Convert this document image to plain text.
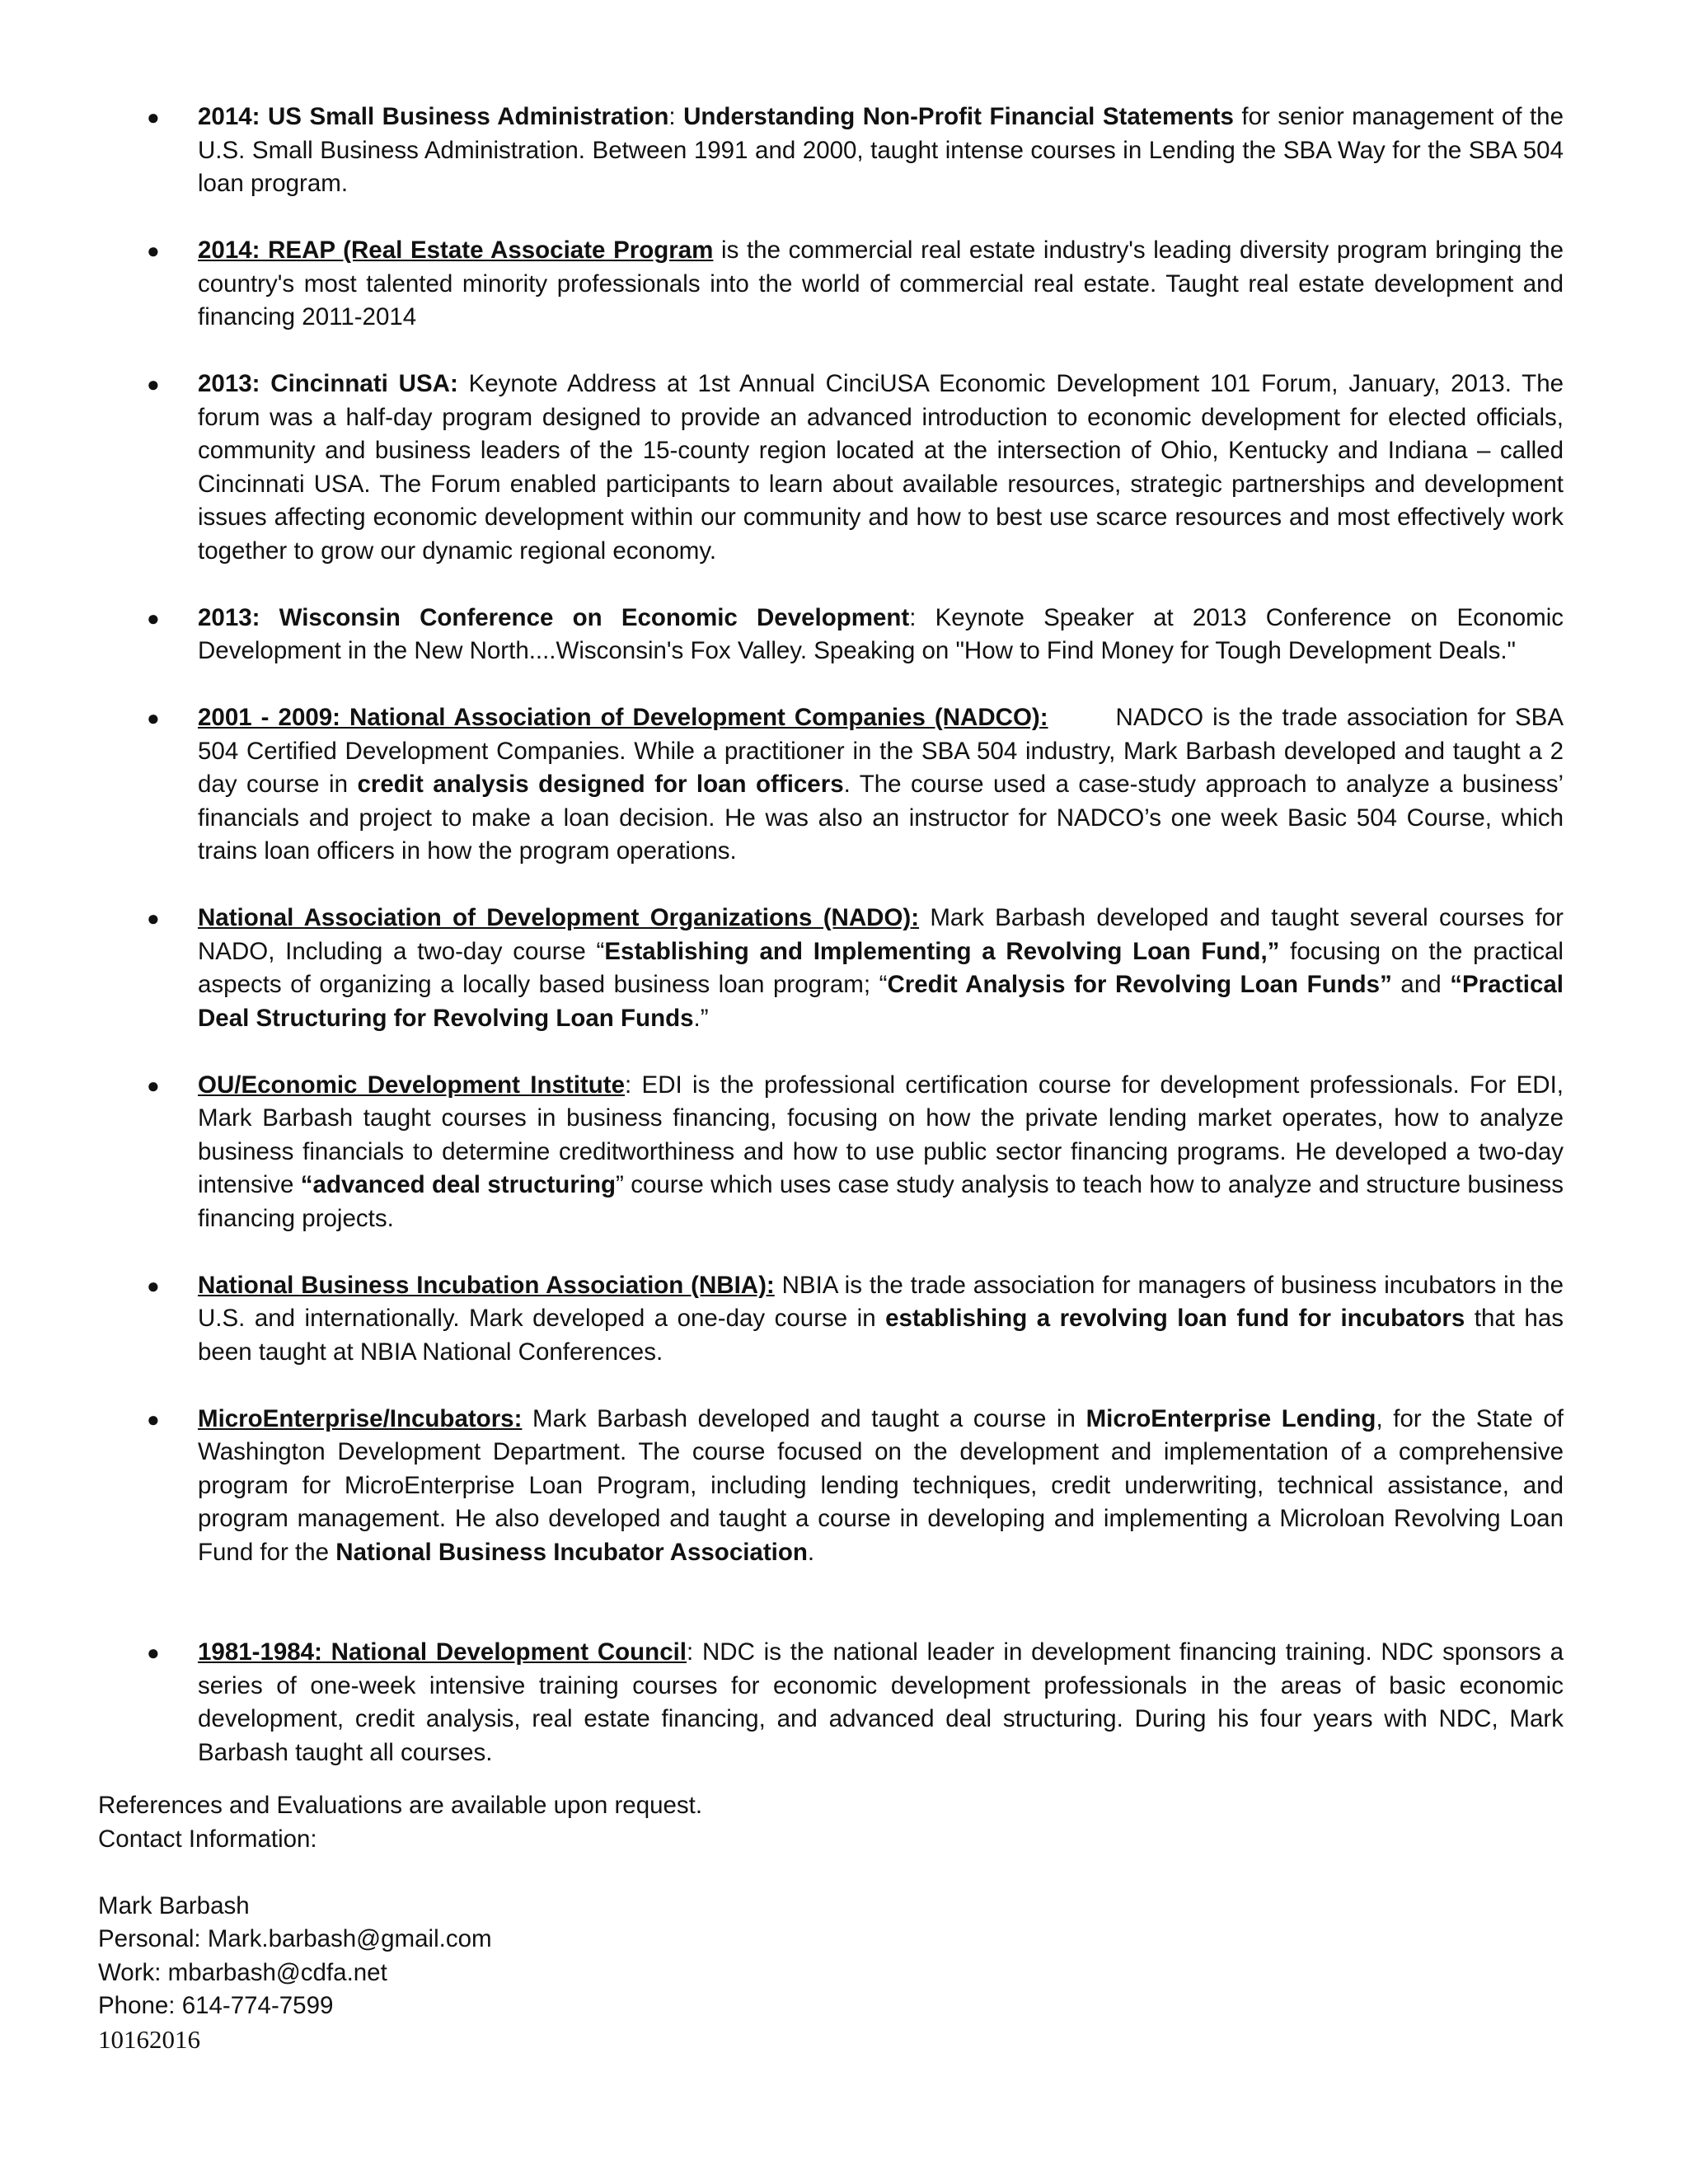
● 2014: US Small Business Administration: Understanding Non-Profit Financial Statements for senior management of the U.S. Small Business Administration. Between 1991 and 2000, taught intense courses in Lending the SBA Way for the SBA 504 loan program.
● 2014: REAP (Real Estate Associate Program is the commercial real estate industry's leading diversity program bringing the country's most talented minority professionals into the world of commercial real estate. Taught real estate development and financing 2011-2014
● 2013: Cincinnati USA: Keynote Address at 1st Annual CinciUSA Economic Development 101 Forum, January, 2013. The forum was a half-day program designed to provide an advanced introduction to economic development for elected officials, community and business leaders of the 15-county region located at the intersection of Ohio, Kentucky and Indiana – called Cincinnati USA. The Forum enabled participants to learn about available resources, strategic partnerships and development issues affecting economic development within our community and how to best use scarce resources and most effectively work together to grow our dynamic regional economy.
● 2013: Wisconsin Conference on Economic Development: Keynote Speaker at 2013 Conference on Economic Development in the New North....Wisconsin's Fox Valley. Speaking on "How to Find Money for Tough Development Deals."
● 2001 - 2009: National Association of Development Companies (NADCO):	NADCO is the trade association for SBA 504 Certified Development Companies. While a practitioner in the SBA 504 industry, Mark Barbash developed and taught a 2 day course in credit analysis designed for loan officers. The course used a case-study approach to analyze a business’ financials and project to make a loan decision. He was also an instructor for NADCO’s one week Basic 504 Course, which trains loan officers in how the program operations.
● National Association of Development Organizations (NADO): Mark Barbash developed and taught several courses for NADO, Including a two-day course “Establishing and Implementing a Revolving Loan Fund,” focusing on the practical aspects of organizing a locally based business loan program; “Credit Analysis for Revolving Loan Funds” and “Practical Deal Structuring for Revolving Loan Funds.”
● OU/Economic Development Institute: EDI is the professional certification course for development professionals. For EDI, Mark Barbash taught courses in business financing, focusing on how the private lending market operates, how to analyze business financials to determine creditworthiness and how to use public sector financing programs. He developed a two-day intensive “advanced deal structuring” course which uses case study analysis to teach how to analyze and structure business financing projects.
● National Business Incubation Association (NBIA): NBIA is the trade association for managers of business incubators in the U.S. and internationally. Mark developed a one-day course in establishing a revolving loan fund for incubators that has been taught at NBIA National Conferences.
● MicroEnterprise/Incubators: Mark Barbash developed and taught a course in MicroEnterprise Lending, for the State of Washington Development Department. The course focused on the development and implementation of a comprehensive program for MicroEnterprise Loan Program, including lending techniques, credit underwriting, technical assistance, and program management. He also developed and taught a course in developing and implementing a Microloan Revolving Loan Fund for the National Business Incubator Association.
● 1981-1984: National Development Council: NDC is the national leader in development financing training. NDC sponsors a series of one-week intensive training courses for economic development professionals in the areas of basic economic development, credit analysis, real estate financing, and advanced deal structuring. During his four years with NDC, Mark Barbash taught all courses.
References and Evaluations are available upon request.
Contact Information:
Mark Barbash
Personal: Mark.barbash@gmail.com
Work: mbarbash@cdfa.net
Phone: 614-774-7599
10162016
